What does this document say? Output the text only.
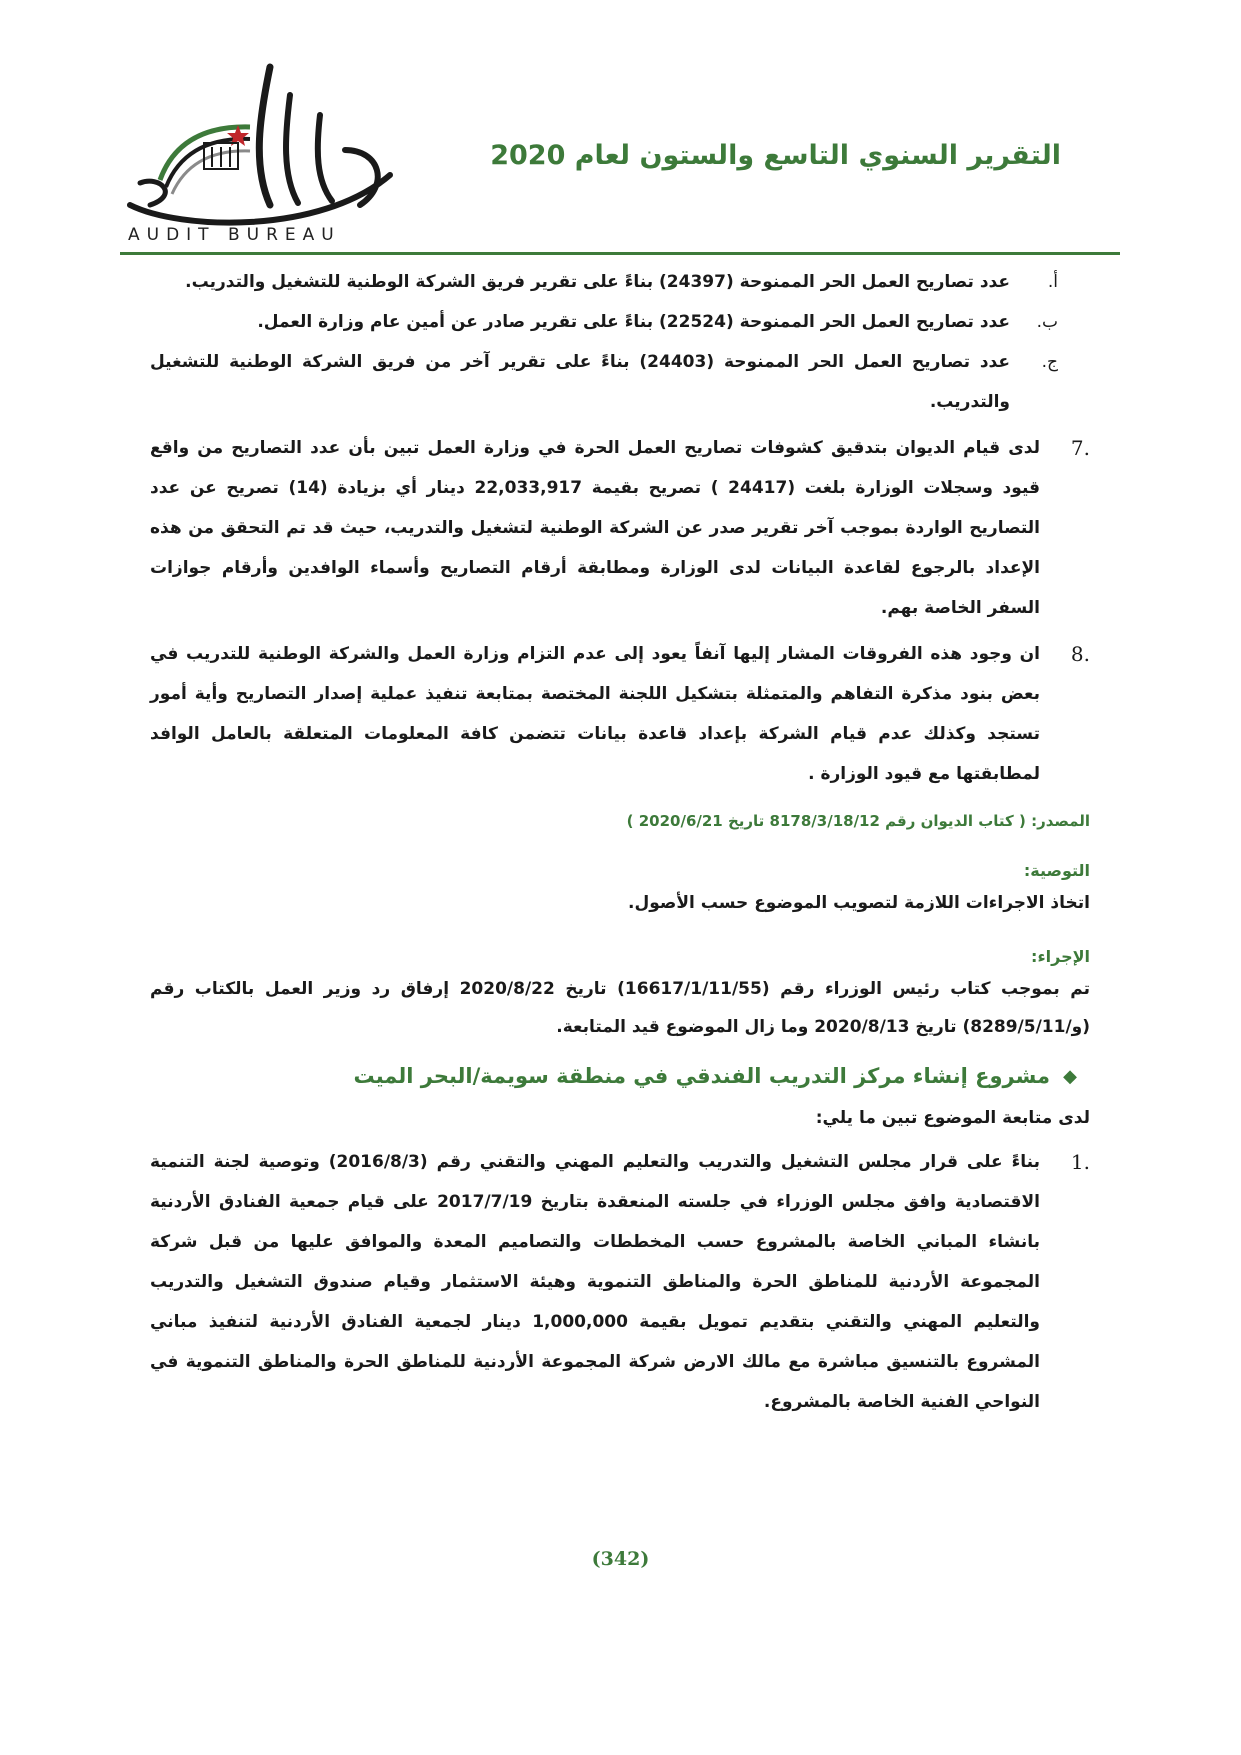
AUDIT BUREAU
التقرير السنوي التاسع والستون لعام 2020
أ.
عدد تصاريح العمل الحر الممنوحة (24397) بناءً على تقرير فريق الشركة الوطنية للتشغيل والتدريب.
ب.
عدد تصاريح العمل الحر الممنوحة (22524) بناءً على تقرير صادر عن أمين عام وزارة العمل.
ج.
عدد تصاريح العمل الحر الممنوحة (24403) بناءً على تقرير آخر من فريق الشركة الوطنية للتشغيل والتدريب.
.7
لدى قيام الديوان بتدقيق كشوفات تصاريح العمل الحرة في وزارة العمل تبين بأن عدد التصاريح من واقع قيود وسجلات الوزارة بلغت (24417 ) تصريح بقيمة 22,033,917 دينار أي بزيادة (14) تصريح عن عدد التصاريح الواردة بموجب آخر تقرير صدر عن الشركة الوطنية لتشغيل والتدريب، حيث قد تم التحقق من هذه الإعداد بالرجوع لقاعدة البيانات لدى الوزارة ومطابقة أرقام التصاريح وأسماء الوافدين وأرقام جوازات السفر الخاصة بهم.
.8
ان وجود هذه الفروقات المشار إليها آنفاً يعود إلى عدم التزام وزارة العمل والشركة الوطنية للتدريب في بعض بنود مذكرة التفاهم والمتمثلة بتشكيل اللجنة المختصة بمتابعة تنفيذ عملية إصدار التصاريح وأية أمور تستجد وكذلك عدم قيام الشركة بإعداد قاعدة بيانات تتضمن كافة المعلومات المتعلقة بالعامل الوافد لمطابقتها مع قيود الوزارة .

المصدر: ( كتاب الديوان رقم 8178/3/18/12 تاريخ 2020/6/21 )

التوصية:

اتخاذ الاجراءات اللازمة لتصويب الموضوع حسب الأصول.

الإجراء:

تم بموجب كتاب رئيس الوزراء رقم (16617/1/11/55) تاريخ 2020/8/22 إرفاق رد وزير العمل بالكتاب رقم (و/8289/5/11) تاريخ 2020/8/13 وما زال الموضوع قيد المتابعة.

◆
مشروع إنشاء مركز التدريب الفندقي في منطقة سويمة/البحر الميت

لدى متابعة الموضوع تبين ما يلي:

.1
بناءً على قرار مجلس التشغيل والتدريب والتعليم المهني والتقني رقم (2016/8/3) وتوصية لجنة التنمية الاقتصادية وافق مجلس الوزراء في جلسته المنعقدة بتاريخ 2017/7/19 على قيام جمعية الفنادق الأردنية بانشاء المباني الخاصة بالمشروع حسب المخططات والتصاميم المعدة والموافق عليها من قبل شركة المجموعة الأردنية للمناطق الحرة والمناطق التنموية وهيئة الاستثمار وقيام صندوق التشغيل والتدريب والتعليم المهني والتقني بتقديم تمويل بقيمة 1,000,000 دينار لجمعية الفنادق الأردنية لتنفيذ مباني المشروع بالتنسيق مباشرة مع مالك الارض شركة المجموعة الأردنية للمناطق الحرة والمناطق التنموية في النواحي الفنية الخاصة بالمشروع.
(342)
